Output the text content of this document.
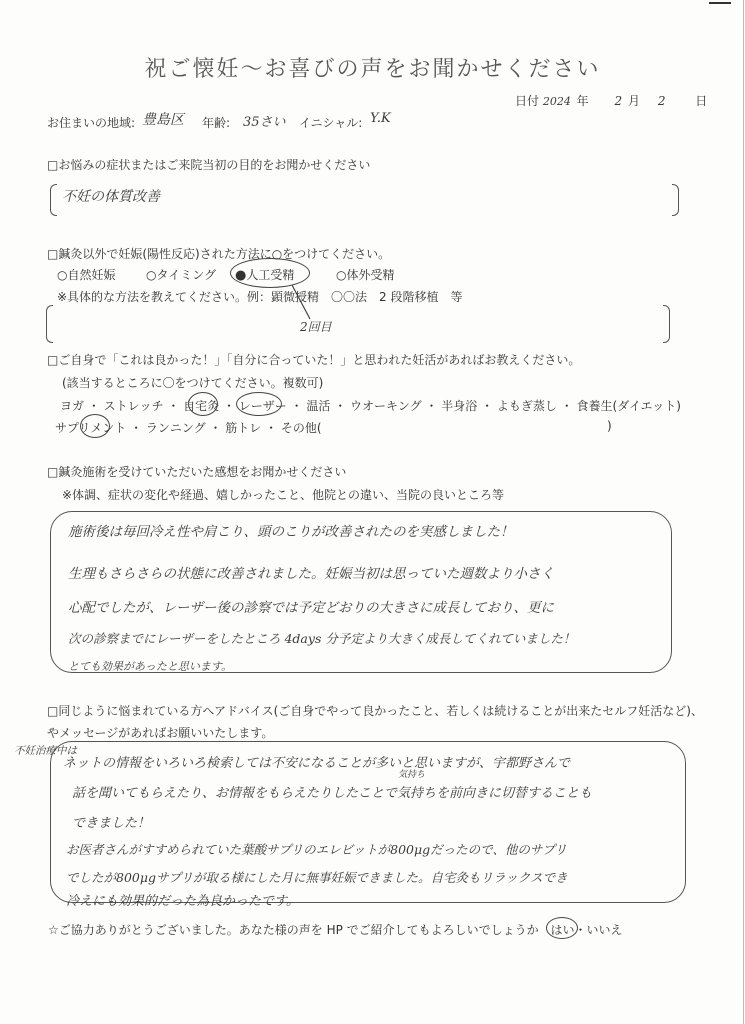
祝ご懐妊〜お喜びの声をお聞かせください
日付 2024 年 2 月 2 日
お住まいの地域: 豊島区 年齢: 35さい イニシャル: Y.K
□お悩みの症状またはご来院当初の目的をお聞かせください
不妊の体質改善
□鍼灸以外で妊娠(陽性反応)された方法に○をつけてください。
○自然妊娠	○タイミング ●人工受精	○体外受精
※具体的な方法を教えてください。例：顕微授精　〇〇法　2 段階移植　等
2回目
□ご自身で「これは良かった！」「自分に合っていた！」と思われた妊活があればお教えください。
(該当するところに〇をつけてください。複数可)
ヨガ ・ ストレッチ ・ 自宅灸 ・ レーザー ・ 温活 ・ ウオーキング ・ 半身浴 ・ よもぎ蒸し ・ 食養生(ダイエット)
サプリメント ・ ランニング ・ 筋トレ ・ その他(	)
□鍼灸施術を受けていただいた感想をお聞かせください
※体調、症状の変化や経過、嬉しかったこと、他院との違い、当院の良いところ等
施術後は毎回冷え性や肩こり、頭のこりが改善されたのを実感しました！
生理もさらさらの状態に改善されました。妊娠当初は思っていた週数より小さく
心配でしたが、レーザー後の診察では予定どおりの大きさに成長しており、更に
次の診察までにレーザーをしたところ 4days 分予定より大きく成長してくれていました！
とても効果があったと思います。
□同じように悩まれている方へアドバイス(ご自身でやって良かったこと、若しくは続けることが出来たセルフ妊活など)、
やメッセージがあればお願いいたします。
不妊治療中は
気持ち
ネットの情報をいろいろ検索しては不安になることが多いと思いますが、宇都野さんで
話を聞いてもらえたり、お情報をもらえたりしたことで気持ちを前向きに切替することも
できました！
お医者さんがすすめられていた葉酸サプリのエレビットが800μgだったので、他のサプリ
でしたが800μgサプリが取る様にした月に無事妊娠できました。自宅灸もリラックスでき
冷えにも効果的だった為良かったです。
☆ご協力ありがとうございました。あなた様の声を HP でご紹介してもよろしいでしょうか はい
・いいえ
